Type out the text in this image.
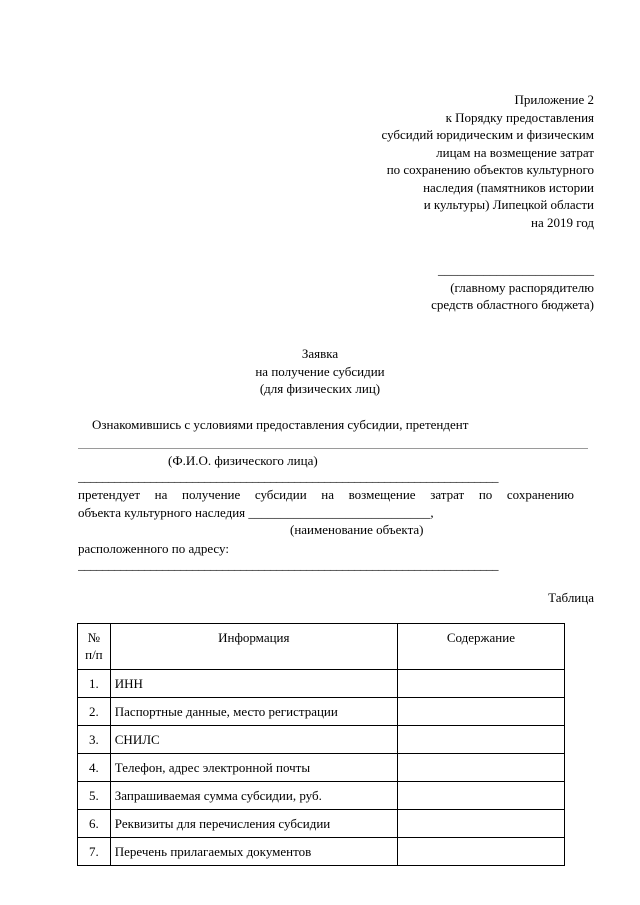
Приложение 2
к Порядку предоставления
субсидий юридическим и физическим
лицам на возмещение затрат
по сохранению объектов культурного
наследия (памятников истории
и культуры) Липецкой области
на 2019 год
________________________
(главному распорядителю
средств областного бюджета)
Заявка
на получение субсидии
(для физических лиц)
Ознакомившись с условиями предоставления субсидии, претендент
(Ф.И.О. физического лица)
______________________________________________________________________
претендует на получение субсидии на возмещение затрат по сохранению
объекта культурного наследия ____________________________,
(наименование объекта)
расположенного по адресу:
______________________________________________________________________
Таблица
№
п/п	Информация	Содержание
1.	ИНН	
2.	Паспортные данные, место регистрации	
3.	СНИЛС	
4.	Телефон, адрес электронной почты	
5.	Запрашиваемая сумма субсидии, руб.	
6.	Реквизиты для перечисления субсидии	
7.	Перечень прилагаемых документов	
